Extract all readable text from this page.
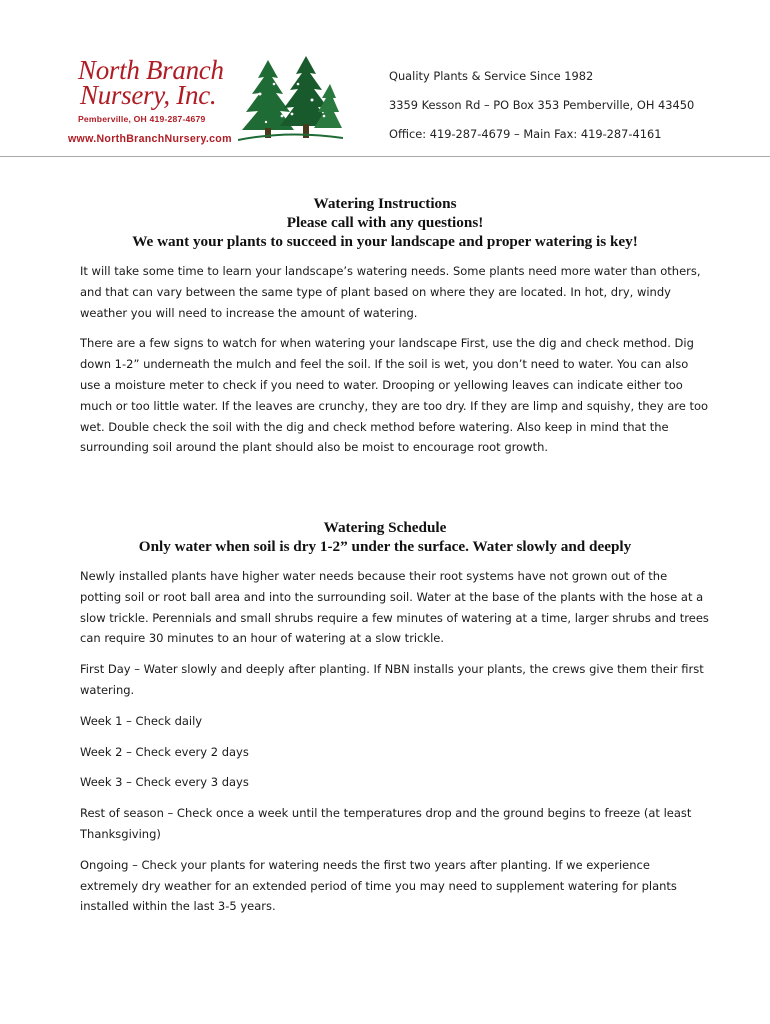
North Branch

Nursery, Inc.

Pemberville, OH 419-287-4679
www.NorthBranchNursery.com
Quality Plants & Service Since 1982
3359 Kesson Rd – PO Box 353 Pemberville, OH 43450
Office: 419-287-4679 – Main Fax: 419-287-4161
Watering Instructions
Please call with any questions!
We want your plants to succeed in your landscape and proper watering is key!

It will take some time to learn your landscape’s watering needs. Some plants need more water than others, and that can vary between the same type of plant based on where they are located. In hot, dry, windy weather you will need to increase the amount of watering.

There are a few signs to watch for when watering your landscape First, use the dig and check method. Dig down 1-2” underneath the mulch and feel the soil. If the soil is wet, you don’t need to water. You can also use a moisture meter to check if you need to water. Drooping or yellowing leaves can indicate either too much or too little water. If the leaves are crunchy, they are too dry. If they are limp and squishy, they are too wet. Double check the soil with the dig and check method before watering. Also keep in mind that the surrounding soil around the plant should also be moist to encourage root growth.

Watering Schedule
Only water when soil is dry 1-2” under the surface. Water slowly and deeply

Newly installed plants have higher water needs because their root systems have not grown out of the potting soil or root ball area and into the surrounding soil. Water at the base of the plants with the hose at a slow trickle. Perennials and small shrubs require a few minutes of watering at a time, larger shrubs and trees can require 30 minutes to an hour of watering at a slow trickle.

First Day – Water slowly and deeply after planting. If NBN installs your plants, the crews give them their first watering.

Week 1 – Check daily

Week 2 – Check every 2 days

Week 3 – Check every 3 days

Rest of season – Check once a week until the temperatures drop and the ground begins to freeze (at least Thanksgiving)

Ongoing – Check your plants for watering needs the first two years after planting. If we experience extremely dry weather for an extended period of time you may need to supplement watering for plants installed within the last 3-5 years.
